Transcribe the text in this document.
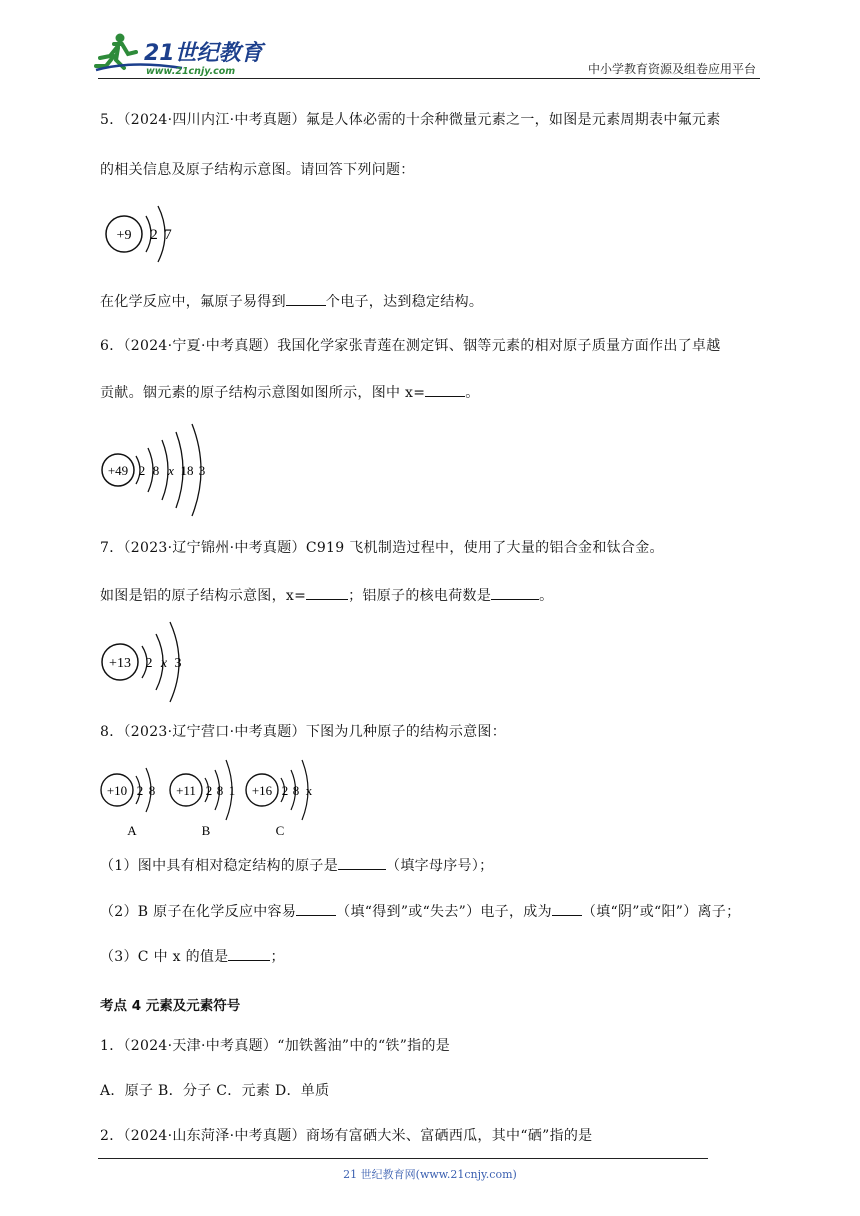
21世纪教育
www.21cnjy.com	中小学教育资源及组卷应用平台
5．（2024·四川内江·中考真题）氟是人体必需的十余种微量元素之一，如图是元素周期表中氟元素
的相关信息及原子结构示意图。请回答下列问题：
+9 2 7
在化学反应中，氟原子易得到	个电子，达到稳定结构。
6．（2024·宁夏·中考真题）我国化学家张青莲在测定铒、铟等元素的相对原子质量方面作出了卓越
贡献。铟元素的原子结构示意图如图所示，图中 x=	。
+49 2 8 x 18 3
7．（2023·辽宁锦州·中考真题）C919 飞机制造过程中，使用了大量的铝合金和钛合金。
如图是铝的原子结构示意图，x=	；铝原子的核电荷数是	。
+13 2 x 3
8．（2023·辽宁营口·中考真题）下图为几种原子的结构示意图：
+10 2 8
A
+11 2 8 1
B
+16 2 8 x
C
（1）图中具有相对稳定结构的原子是	（填字母序号）；
（2）B 原子在化学反应中容易	（填“得到”或“失去”）电子，成为 （填“阴”或“阳”）离子；
（3）C 中 x 的值是	；
考点 4 元素及元素符号
1．（2024·天津·中考真题）“加铁酱油”中的“铁”指的是
A．原子 B．分子 C．元素 D．单质
2．（2024·山东菏泽·中考真题）商场有富硒大米、富硒西瓜，其中“硒”指的是
21 世纪教育网(www.21cnjy.com)
